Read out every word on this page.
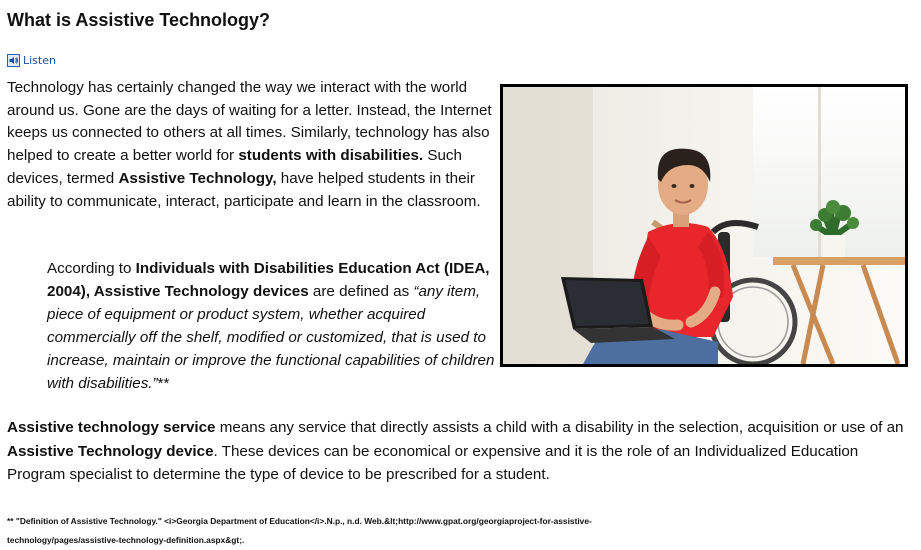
What is Assistive Technology?
Listen

Technology has certainly changed the way we interact with the world around us. Gone are the days of waiting for a letter. Instead, the Internet keeps us connected to others at all times. Similarly, technology has also helped to create a better world for students with disabilities. Such devices, termed Assistive Technology, have helped students in their ability to communicate, interact, participate and learn in the classroom.

According to Individuals with Disabilities Education Act (IDEA, 2004), Assistive Technology devices are defined as “any item, piece of equipment or product system, whether acquired commercially off the shelf, modified or customized, that is used to increase, maintain or improve the functional capabilities of children with disabilities.”**

Assistive technology service means any service that directly assists a child with a disability in the selection, acquisition or use of an Assistive Technology device. These devices can be economical or expensive and it is the role of an Individualized Education Program specialist to determine the type of device to be prescribed for a student.

** "Definition of Assistive Technology." <i>Georgia Department of Education</i>.N.p., n.d. Web.&lt;http://www.gpat.org/georgiaproject-for-assistive-technology/pages/assistive-technology-definition.aspx&gt;.
